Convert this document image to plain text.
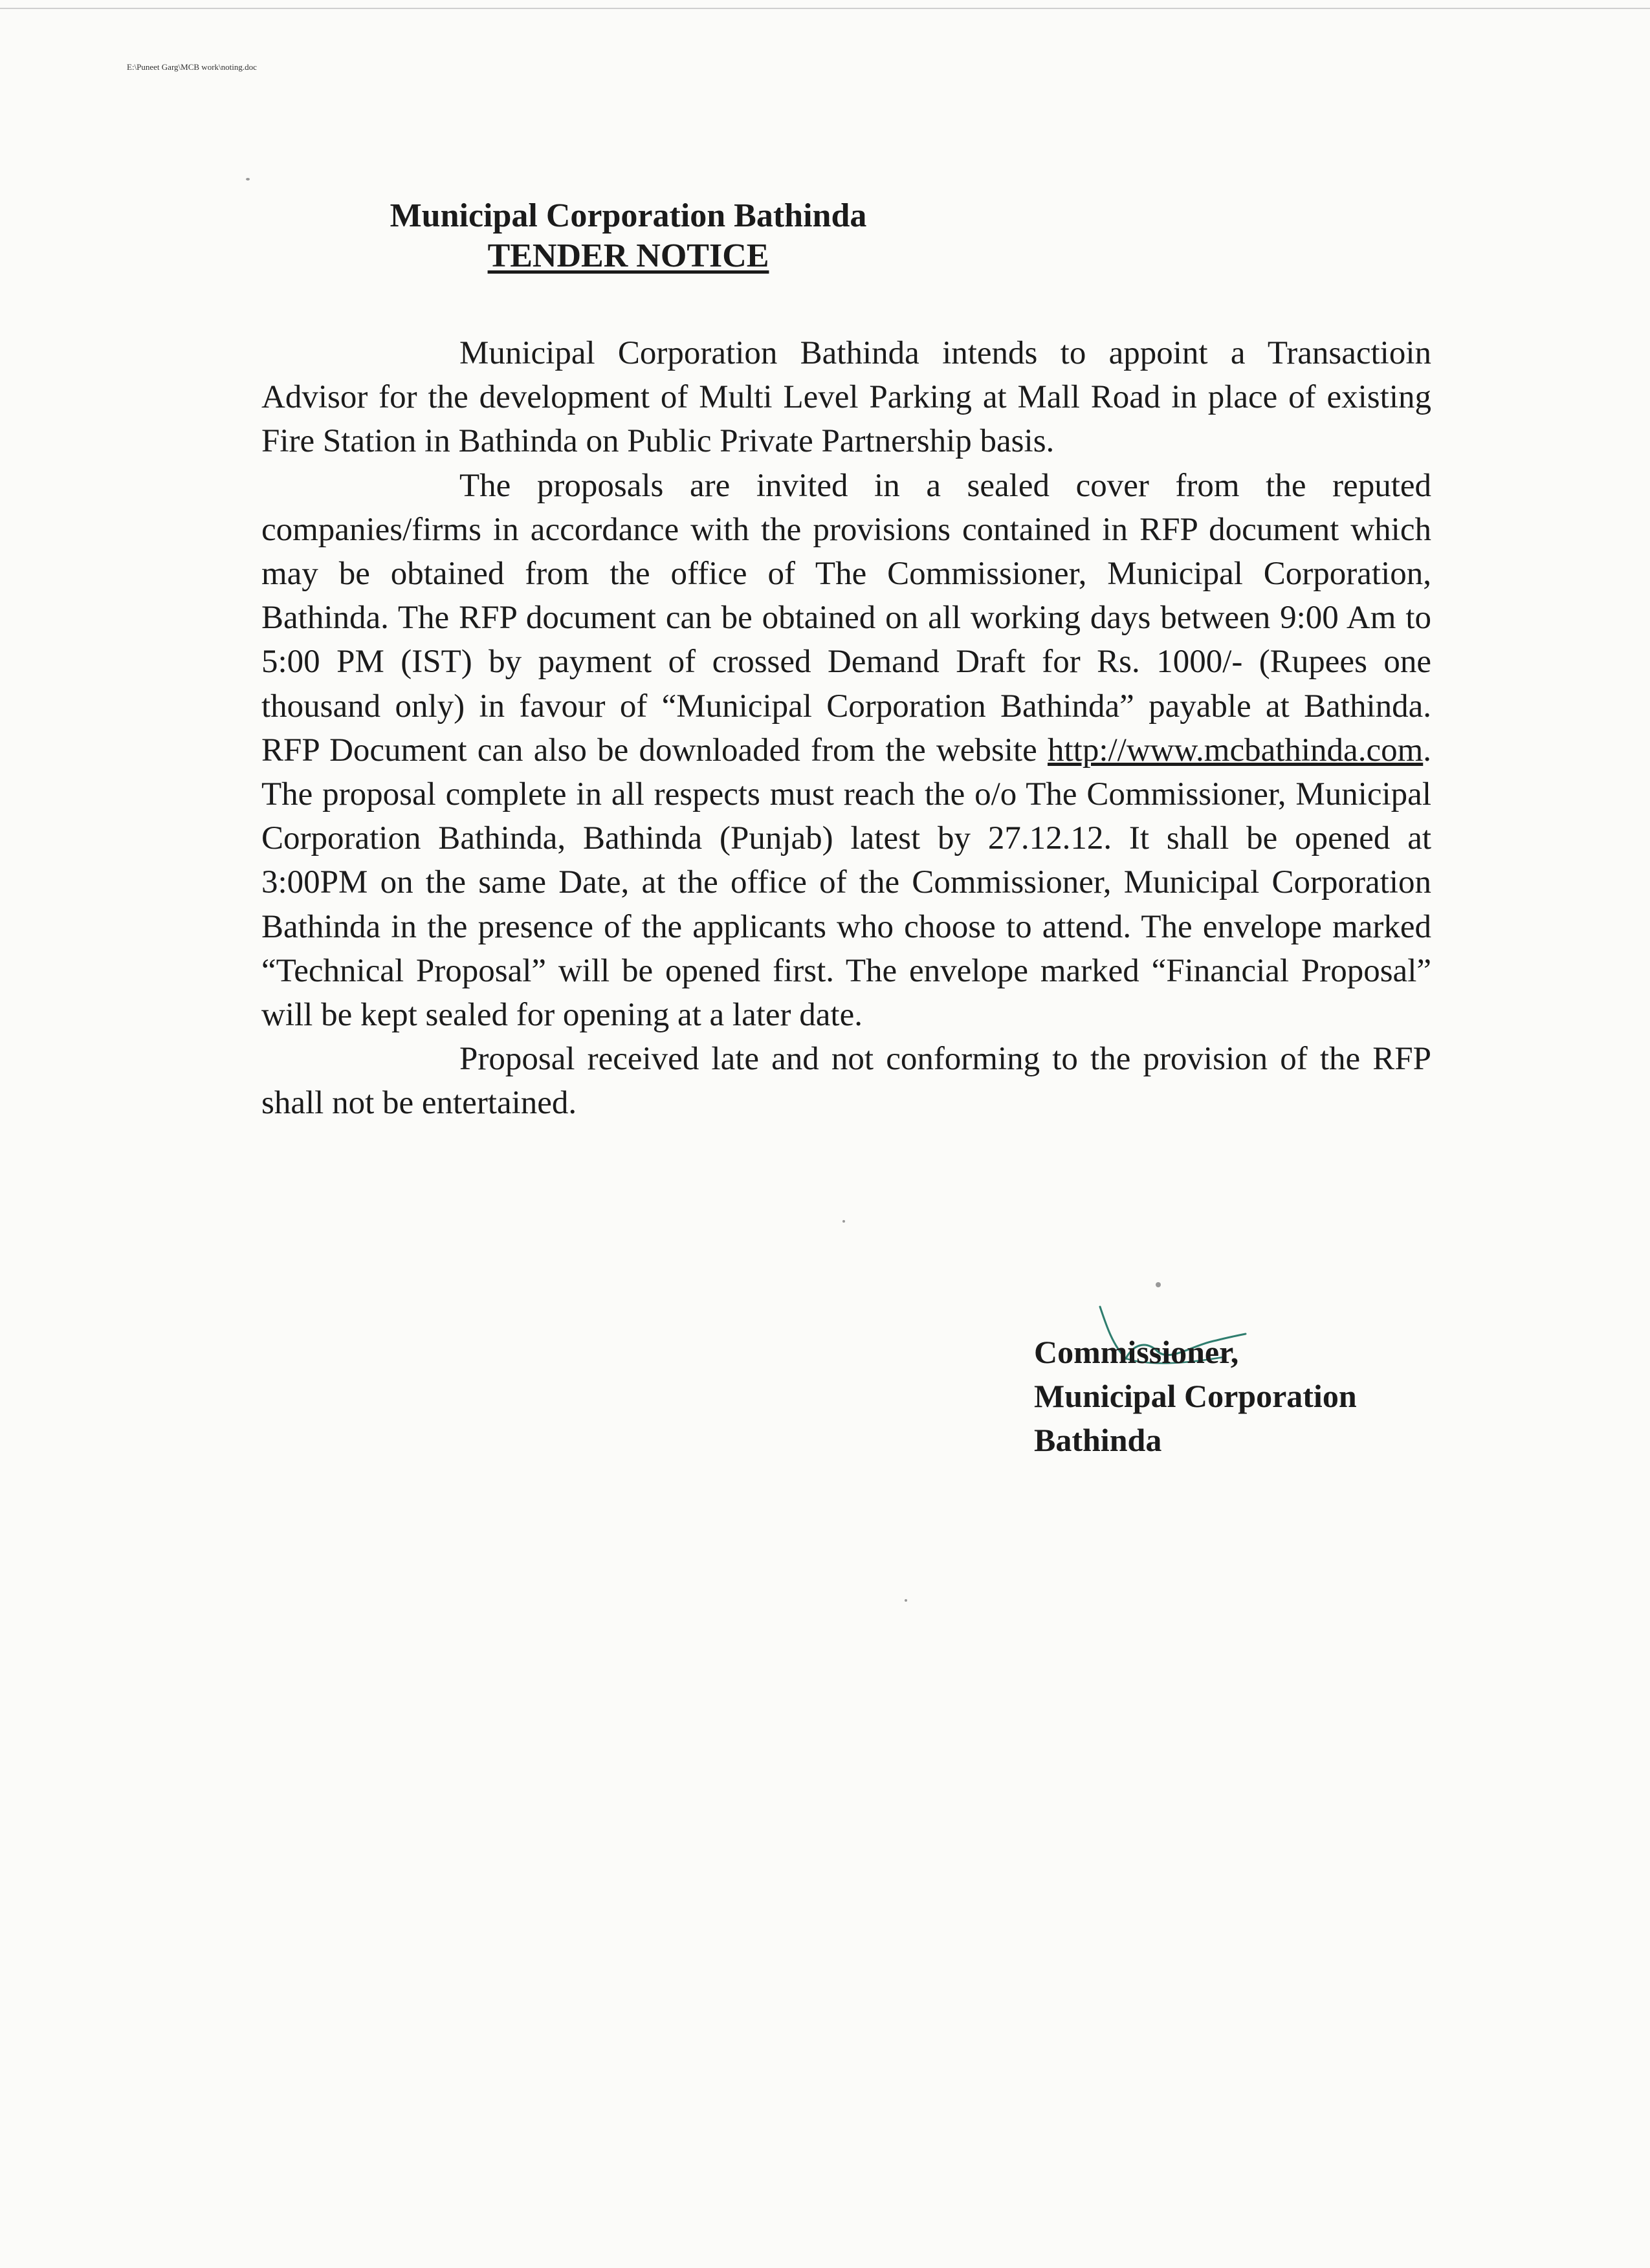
E:\Puneet Garg\MCB work\noting.doc
Municipal Corporation Bathinda
TENDER NOTICE

Municipal Corporation Bathinda intends to appoint a Transactioin Advisor for the development of Multi Level Parking at Mall Road in place of existing Fire Station in Bathinda on Public Private Partnership basis.

The proposals are invited in a sealed cover from the reputed companies/firms in accordance with the provisions contained in RFP document which may be obtained from the office of The Commissioner, Municipal Corporation, Bathinda. The RFP document can be obtained on all working days between 9:00 Am to 5:00 PM (IST) by payment of crossed Demand Draft for Rs. 1000/- (Rupees one thousand only) in favour of “Municipal Corporation Bathinda” payable at Bathinda. RFP Document can also be downloaded from the website http://www.mcbathinda.com. The proposal complete in all respects must reach the o/o The Commissioner, Municipal Corporation Bathinda, Bathinda (Punjab) latest by 27.12.12. It shall be opened at 3:00PM on the same Date, at the office of the Commissioner, Municipal Corporation Bathinda in the presence of the applicants who choose to attend. The envelope marked “Technical Proposal” will be opened first. The envelope marked “Financial Proposal” will be kept sealed for opening at a later date.

Proposal received late and not conforming to the provision of the RFP shall not be entertained.

Commissioner,
Municipal Corporation
Bathinda
